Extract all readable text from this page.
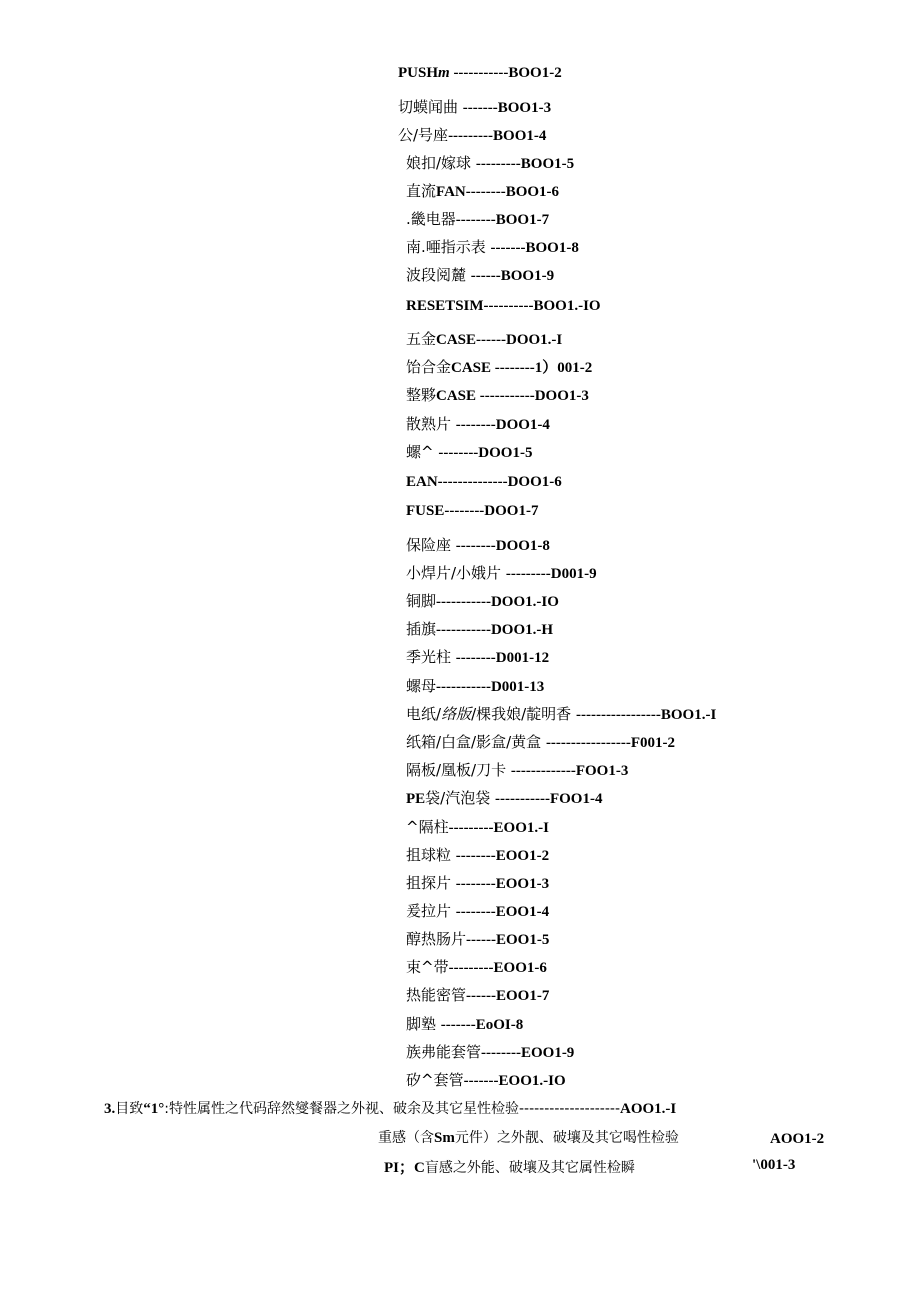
PUSHm -----------BOO1-2
切蟆闻曲 -------BOO1-3
公/号座---------BOO1-4
娘扣/嫁球 ---------BOO1-5
直流FAN--------BOO1-6
.畿电器--------BOO1-7
南.唖指示表 -------BOO1-8
波段阅麓 ------BOO1-9
RESETSIM----------BOO1.-IO
五金CASE------DOO1.-I
饴合金CASE --------1）001-2
整夥CASE -----------DOO1-3
散熟片 --------DOO1-4
螺^ --------DOO1-5
EAN--------------DOO1-6
FUSE--------DOO1-7
保险座 --------DOO1-8
小焊片/小娥片 ---------D001-9
铜脚-----------DOO1.-IO
插旗-----------DOO1.-H
季光柱 --------D001-12
螺母-----------D001-13
电纸/络版/棵我娘/靛明香 -----------------BOO1.-I
纸箱/白盒/影盒/黄盒 -----------------F001-2
隔板/凰板/刀卡 -------------FOO1-3
PE袋/汽泡袋 -----------FOO1-4
^隔柱---------EOO1.-I
抯球粒 --------EOO1-2
抯探片 --------EOO1-3
爰拉片 --------EOO1-4
醇热肠片------EOO1-5
束^带---------EOO1-6
热能密管------EOO1-7
脚塾 -------EoOI-8
族弗能套管--------EOO1-9
矽^套管-------EOO1.-IO
3.目致“1°:特性属性之代码辞然燮餐器之外视、破余及其它星性检验--------------------AOO1.-I
重感（含Sm元件）之外靓、破壤及其它喝性检验	AOO1-2
PI；C盲感之外能、破壤及其它属性检瞬	'\001-3
